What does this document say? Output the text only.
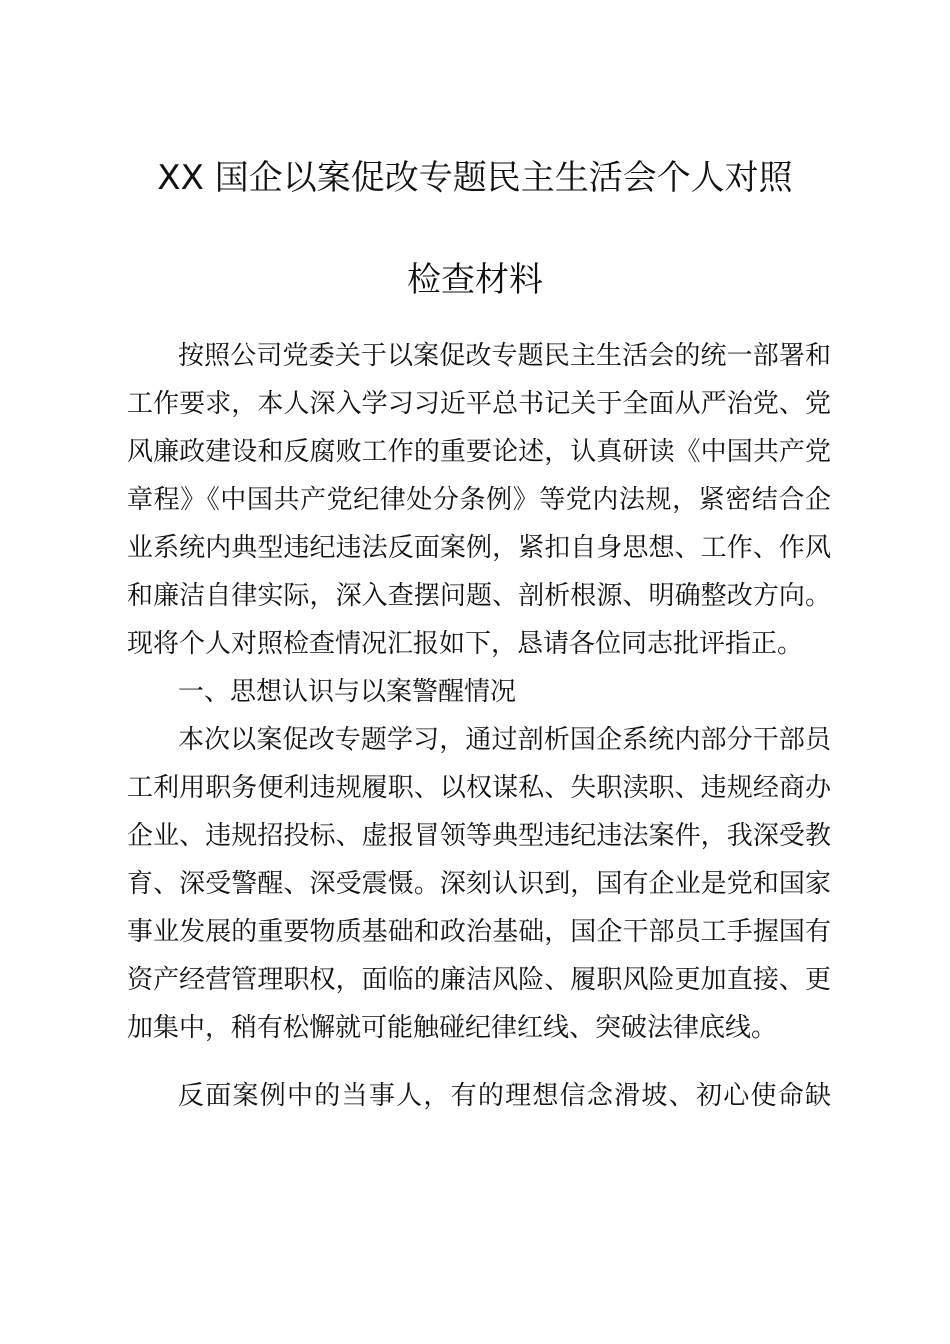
XX 国企以案促改专题民主生活会个人对照
检查材料
按照公司党委关于以案促改专题民主生活会的统一部署和
工作要求，本人深入学习习近平总书记关于全面从严治党、党
风廉政建设和反腐败工作的重要论述，认真研读《中国共产党
章程》《中国共产党纪律处分条例》等党内法规，紧密结合企
业系统内典型违纪违法反面案例，紧扣自身思想、工作、作风
和廉洁自律实际，深入查摆问题、剖析根源、明确整改方向。
现将个人对照检查情况汇报如下，恳请各位同志批评指正。
一、思想认识与以案警醒情况
本次以案促改专题学习，通过剖析国企系统内部分干部员
工利用职务便利违规履职、以权谋私、失职渎职、违规经商办
企业、违规招投标、虚报冒领等典型违纪违法案件，我深受教
育、深受警醒、深受震慑。深刻认识到，国有企业是党和国家
事业发展的重要物质基础和政治基础，国企干部员工手握国有
资产经营管理职权，面临的廉洁风险、履职风险更加直接、更
加集中，稍有松懈就可能触碰纪律红线、突破法律底线。
反面案例中的当事人，有的理想信念滑坡、初心使命缺
